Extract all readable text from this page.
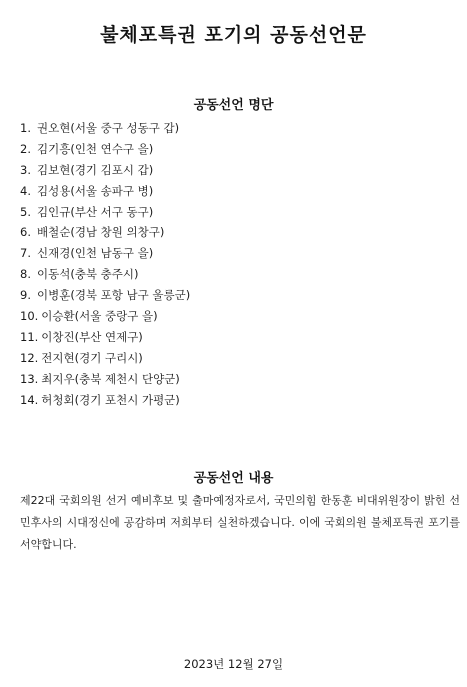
불체포특권 포기의 공동선언문
공동선언 명단
1. 권오현(서울 중구 성동구 갑)
2. 김기흥(인천 연수구 을)
3. 김보현(경기 김포시 갑)
4. 김성용(서울 송파구 병)
5. 김인규(부산 서구 동구)
6. 배철순(경남 창원 의창구)
7. 신재경(인천 남동구 을)
8. 이동석(충북 충주시)
9. 이병훈(경북 포항 남구 울릉군)
10. 이승환(서울 중랑구 을)
11. 이창진(부산 연제구)
12. 전지현(경기 구리시)
13. 최지우(충북 제천시 단양군)
14. 허청회(경기 포천시 가평군)
공동선언 내용
제22대 국회의원 선거 예비후보 및 출마예정자로서, 국민의힘 한동훈 비대위원장이 밝힌 선민후사의 시대정신에 공감하며 저희부터 실천하겠습니다. 이에 국회의원 불체포특권 포기를 서약합니다.
2023년 12월 27일
